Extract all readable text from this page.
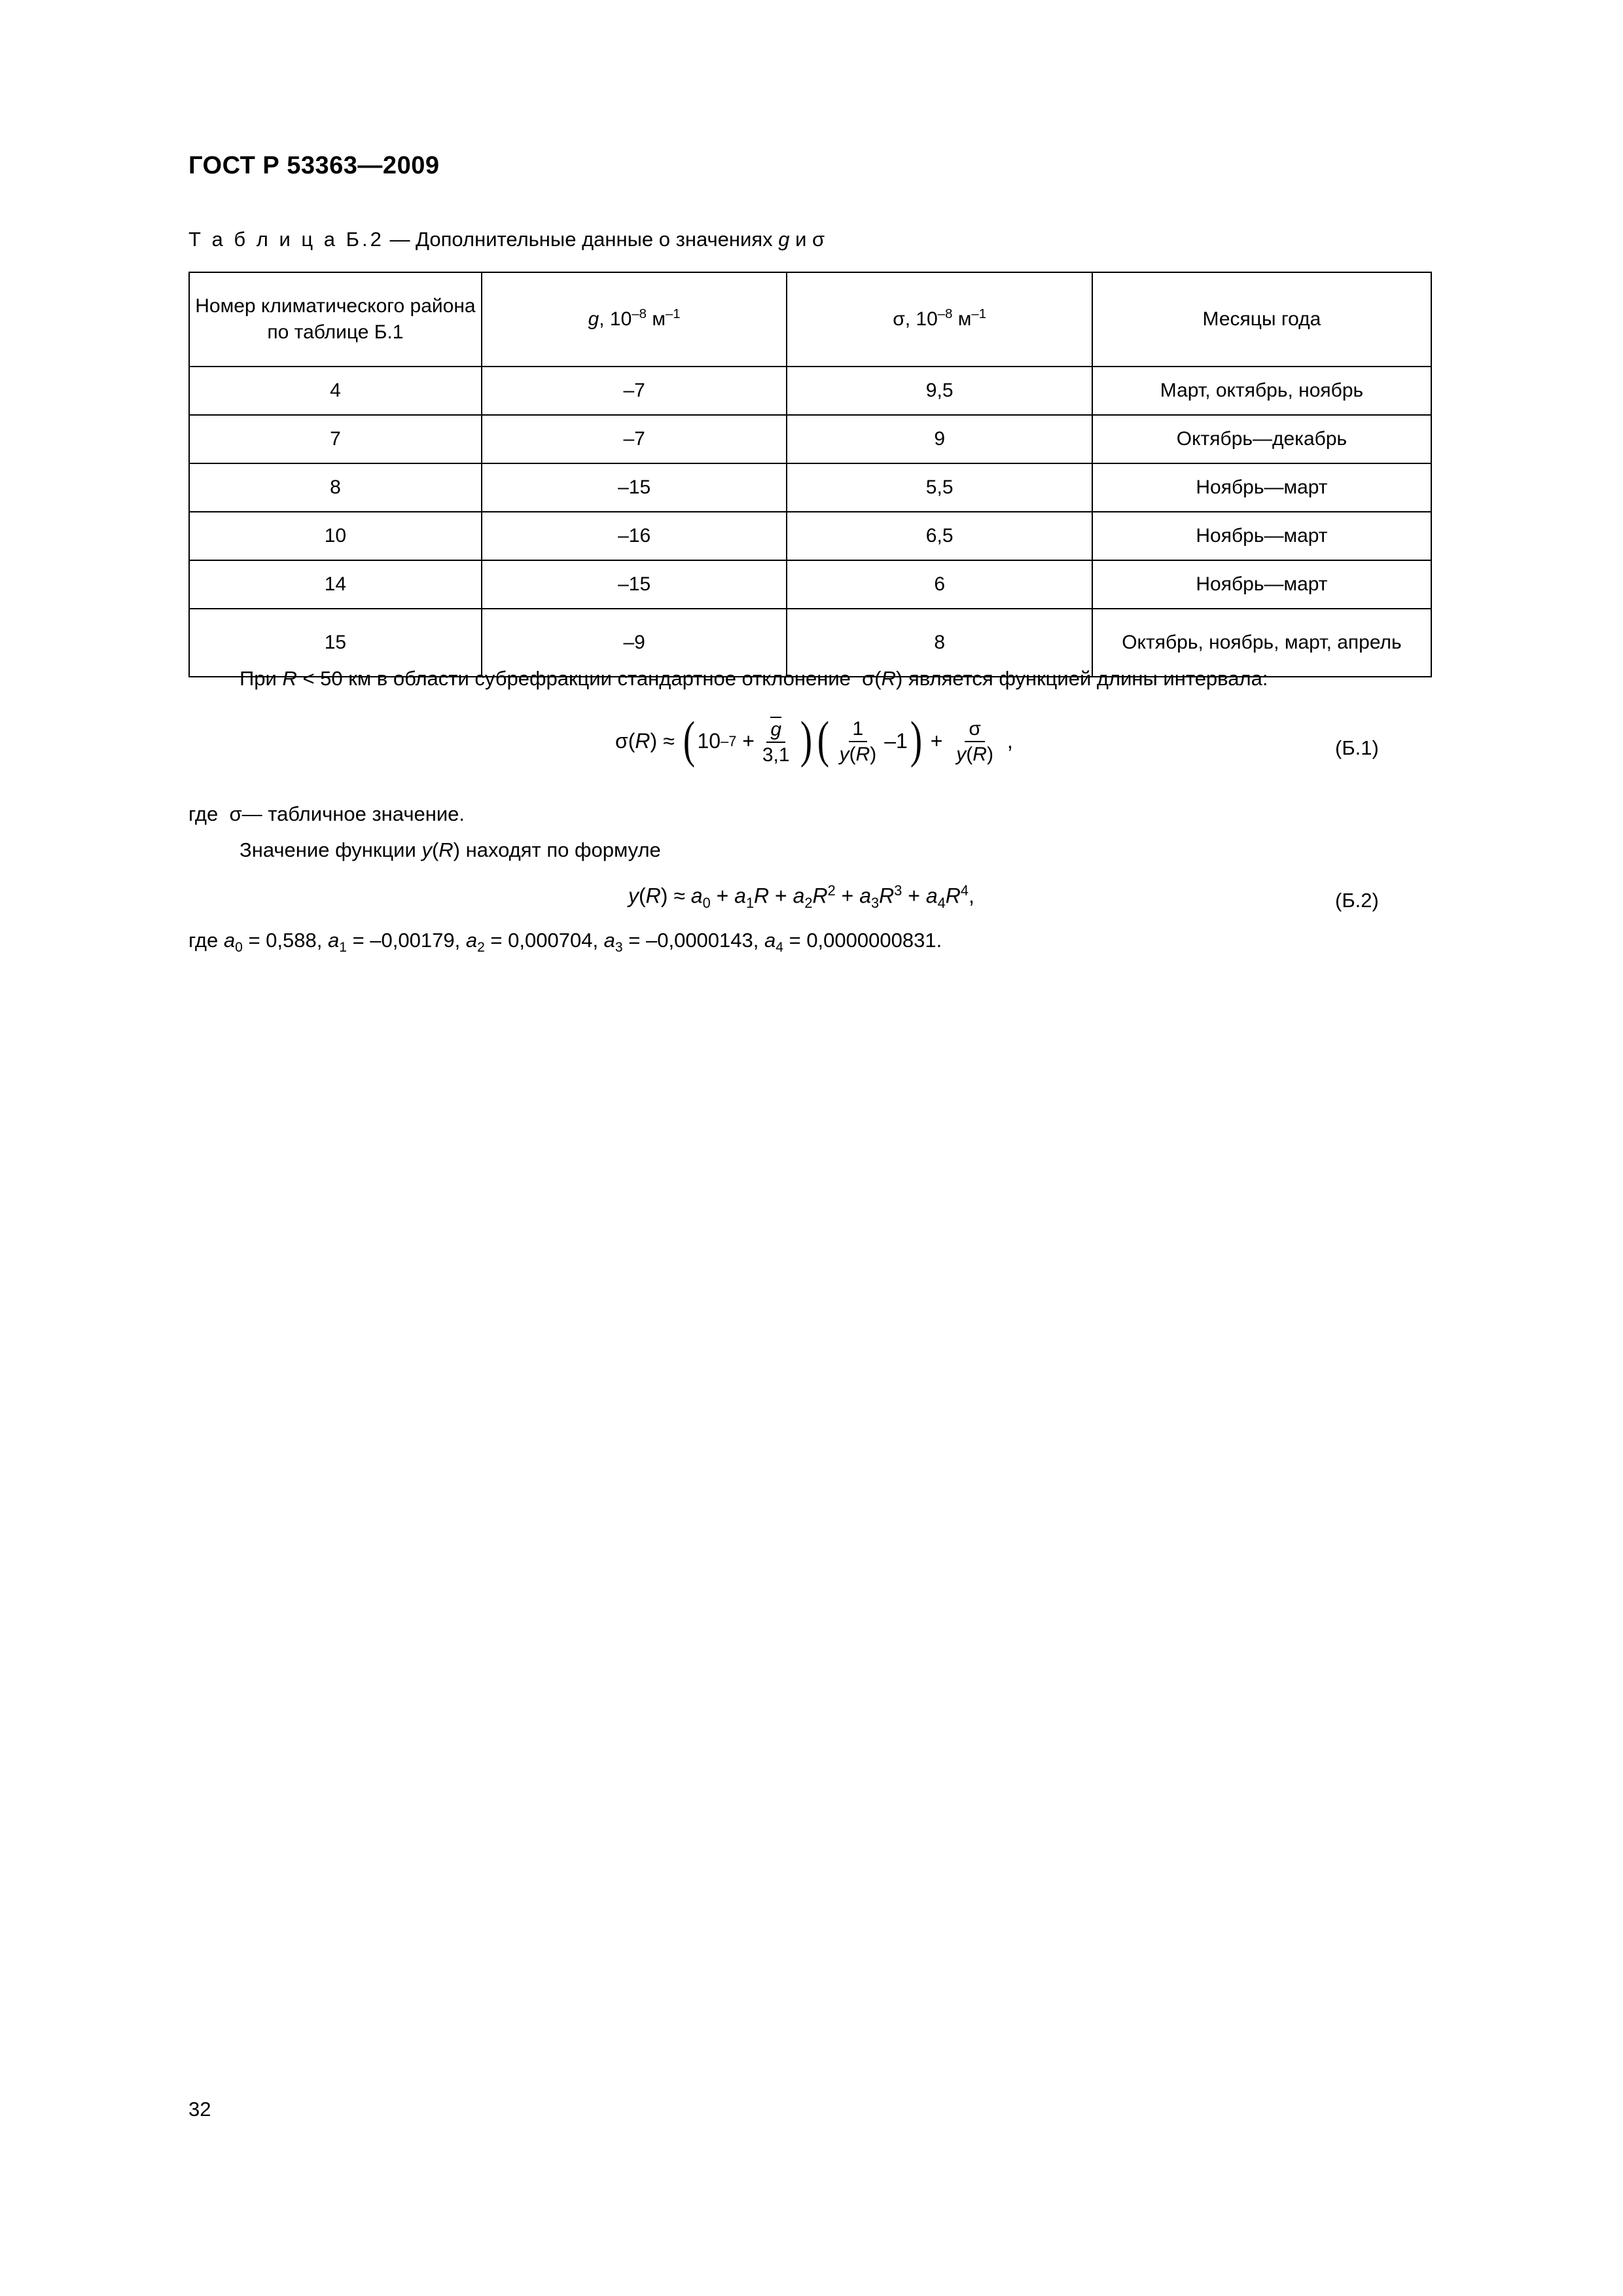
ГОСТ Р 53363—2009
Т а б л и ц а Б.2 — Дополнительные данные о значениях g и σ
Номер климатического района
по таблице Б.1	g, $10^{-8}$ $м^{-1}$	σ, $10^{-8}$ $м^{-1}$	Месяцы года
4	–7	9,5	Март, октябрь, ноябрь
7	–7	9	Октябрь—декабрь
8	–15	5,5	Ноябрь—март
10	–16	6,5	Ноябрь—март
14	–15	6	Ноябрь—март
15	–9	8	Октябрь, ноябрь, март, апрель
При R < 50 км в области субрефракции стандартное отклонение  σ(R) является функцией длины интервала:
σ( R ) ≈ ( 10 $-7 + \frac{g}{3,1}$ ) ( $\frac{1}{y(R)} -1$ ) + $\frac{\sigma}{y(R)}$ ,	(Б.1)
где  σ— табличное значение.
Значение функции y(R) находят по формуле
$y(R) \approx a_0 + a_1R + a_2R^2 + a_3R^3 + a_4R^4$,	(Б.2)
где $a_0 = 0,588$, $a_1 = -0,00179$, $a_2 = 0,000704$, $a_3 = -0,0000143$, $a_4 = 0,0000000831$.
32
